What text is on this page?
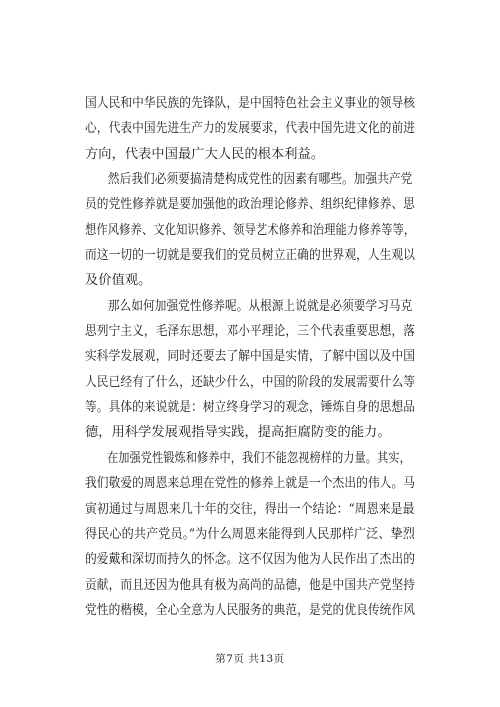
国人民和中华民族的先锋队，是中国特色社会主义事业的领导核
心，代表中国先进生产力的发展要求，代表中国先进文化的前进
方向，代表中国最广大人民的根本利益。
然后我们必须要搞清楚构成党性的因素有哪些。加强共产党
员的党性修养就是要加强他的政治理论修养、组织纪律修养、思
想作风修养、文化知识修养、领导艺术修养和治理能力修养等等，
而这一切的一切就是要我们的党员树立正确的世界观，人生观以
及价值观。
那么如何加强党性修养呢。从根源上说就是必须要学习马克
思列宁主义，毛泽东思想，邓小平理论，三个代表重要思想，落
实科学发展观，同时还要去了解中国是实情，了解中国以及中国
人民已经有了什么，还缺少什么，中国的阶段的发展需要什么等
等。具体的来说就是：树立终身学习的观念，锤炼自身的思想品
德，用科学发展观指导实践，提高拒腐防变的能力。
在加强党性锻炼和修养中，我们不能忽视榜样的力量。其实，
我们敬爱的周恩来总理在党性的修养上就是一个杰出的伟人。马
寅初通过与周恩来几十年的交往，得出一个结论：“周恩来是最
得民心的共产党员。”为什么周恩来能得到人民那样广泛、挚烈
的爱戴和深切而持久的怀念。这不仅因为他为人民作出了杰出的
贡献，而且还因为他具有极为高尚的品德，他是中国共产党坚持
党性的楷模，全心全意为人民服务的典范，是党的优良传统作风
第7页 共13页
